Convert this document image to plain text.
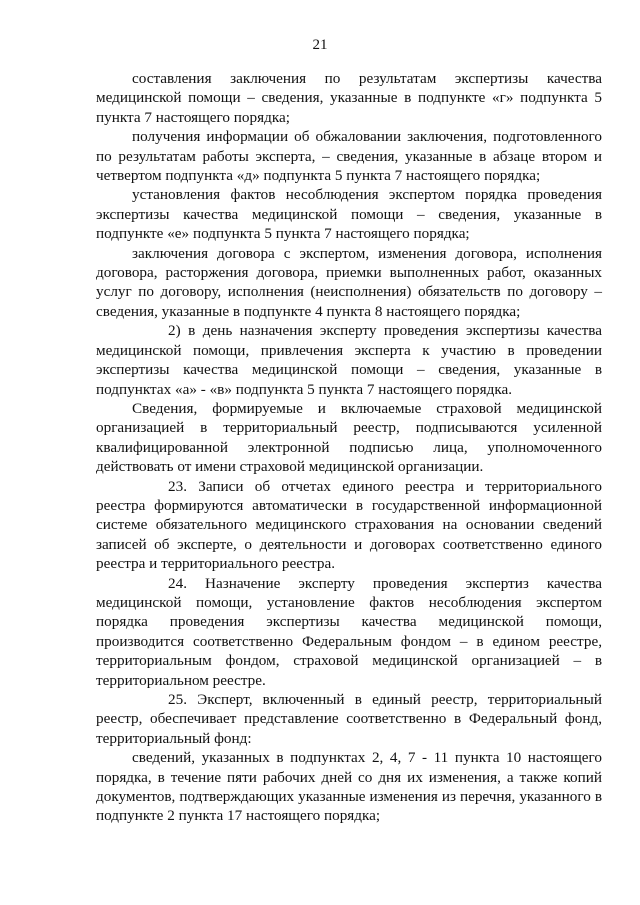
21

составления заключения по результатам экспертизы качества медицинской помощи – сведения, указанные в подпункте «г» подпункта 5 пункта 7 настоящего порядка;

получения информации об обжаловании заключения, подготовленного по результатам работы эксперта, – сведения, указанные в абзаце втором и четвертом подпункта «д» подпункта 5 пункта 7 настоящего порядка;

установления фактов несоблюдения экспертом порядка проведения экспертизы качества медицинской помощи – сведения, указанные в подпункте «е» подпункта 5 пункта 7 настоящего порядка;

заключения договора с экспертом, изменения договора, исполнения договора, расторжения договора, приемки выполненных работ, оказанных услуг по договору, исполнения (неисполнения) обязательств по договору – сведения, указанные в подпункте 4 пункта 8 настоящего порядка;

2) в день назначения эксперту проведения экспертизы качества медицинской помощи, привлечения эксперта к участию в проведении экспертизы качества медицинской помощи – сведения, указанные в подпунктах «а» - «в» подпункта 5 пункта 7 настоящего порядка.

Сведения, формируемые и включаемые страховой медицинской организацией в территориальный реестр, подписываются усиленной квалифицированной электронной подписью лица, уполномоченного действовать от имени страховой медицинской организации.

23. Записи об отчетах единого реестра и территориального реестра формируются автоматически в государственной информационной системе обязательного медицинского страхования на основании сведений записей об эксперте, о деятельности и договорах соответственно единого реестра и территориального реестра.

24. Назначение эксперту проведения экспертиз качества медицинской помощи, установление фактов несоблюдения экспертом порядка проведения экспертизы качества медицинской помощи, производится соответственно Федеральным фондом – в едином реестре, территориальным фондом, страховой медицинской организацией – в территориальном реестре.

25. Эксперт, включенный в единый реестр, территориальный реестр, обеспечивает представление соответственно в Федеральный фонд, территориальный фонд:

сведений, указанных в подпунктах 2, 4, 7 - 11 пункта 10 настоящего порядка, в течение пяти рабочих дней со дня их изменения, а также копий документов, подтверждающих указанные изменения из перечня, указанного в подпункте 2 пункта 17 настоящего порядка;
